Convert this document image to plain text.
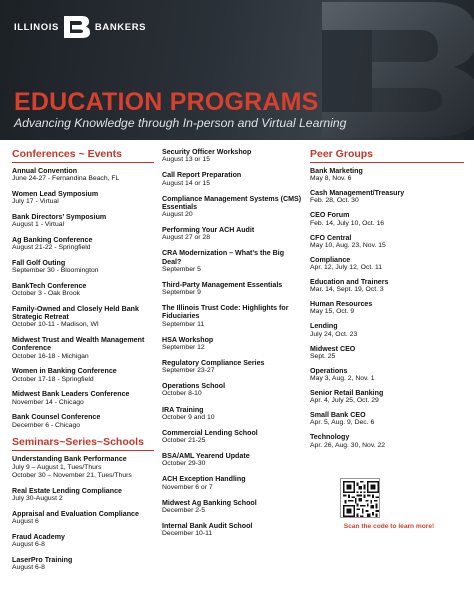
ILLINOIS	BANKERS
EDUCATION PROGRAMS
Advancing Knowledge through In-person and Virtual Learning
Conferences ~ Events
Annual Convention
June 24-27 - Fernandina Beach, FL
Women Lead Symposium
July 17 - Virtual
Bank Directors’ Symposium
August 1 - Virtual
Ag Banking Conference
August 21-22 - Springfield
Fall Golf Outing
September 30 - Bloomington
BankTech Conference
October 3 - Oak Brook
Family-Owned and Closely Held Bank Strategic Retreat
October 10-11 - Madison, WI
Midwest Trust and Wealth Management Conference
October 16-18 - Michigan
Women in Banking Conference
October 17-18 - Springfield
Midwest Bank Leaders Conference
November 14 - Chicago
Bank Counsel Conference
December 6 - Chicago
Seminars~Series~Schools
Understanding Bank Performance
July 9 – August 1, Tues/Thurs
October 30 – November 21, Tues/Thurs
Real Estate Lending Compliance
July 30-August 2
Appraisal and Evaluation Compliance
August 6
Fraud Academy
August 6-8
LaserPro Training
August 6-8
Security Officer Workshop
August 13 or 15
Call Report Preparation
August 14 or 15
Compliance Management Systems (CMS) Essentials
August 20
Performing Your ACH Audit
August 27 or 28
CRA Modernization – What’s the Big Deal?
September 5
Third-Party Management Essentials
September 9
The Illinois Trust Code: Highlights for Fiduciaries
September 11
HSA Workshop
September 12
Regulatory Compliance Series
September 23-27
Operations School
October 8-10
IRA Training
October 9 and 10
Commercial Lending School
October 21-25
BSA/AML Yearend Update
October 29-30
ACH Exception Handling
November 6 or 7
Midwest Ag Banking School
December 2-5
Internal Bank Audit School
December 10-11
Peer Groups
Bank Marketing
May 8, Nov. 6
Cash Management/Treasury
Feb. 28, Oct. 30
CEO Forum
Feb. 14, July 10, Oct. 16
CFO Central
May 10, Aug. 23, Nov. 15
Compliance
Apr. 12, July 12, Oct. 11
Education and Trainers
Mar. 14, Sept. 19, Oct. 3
Human Resources
May 15, Oct. 9
Lending
July 24, Oct. 23
Midwest CEO
Sept. 25
Operations
May 3, Aug. 2, Nov. 1
Senior Retail Banking
Apr. 4, July 25, Oct. 29
Small Bank CEO
Apr. 5, Aug. 9, Dec. 6
Technology
Apr. 26, Aug. 30, Nov. 22
Scan the code to learn more!
